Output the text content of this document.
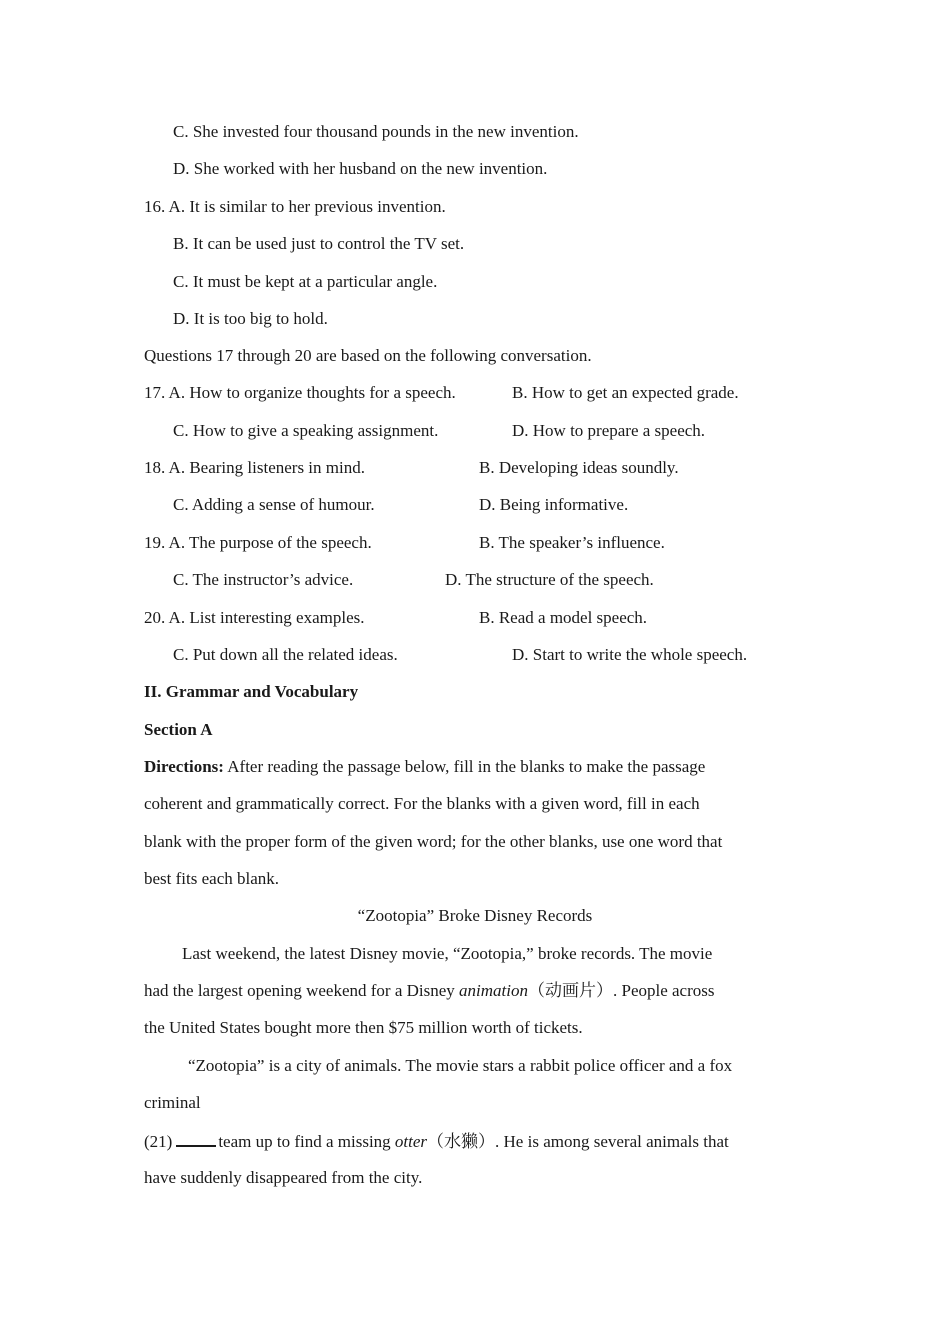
C. She invested four thousand pounds in the new invention.
D. She worked with her husband on the new invention.
16. A. It is similar to her previous invention.
B. It can be used just to control the TV set.
C. It must be kept at a particular angle.
D. It is too big to hold.
Questions 17 through 20 are based on the following conversation.
17. A. How to organize thoughts for a speech.	B. How to get an expected grade.
C. How to give a speaking assignment.	D. How to prepare a speech.
18. A. Bearing listeners in mind.	B. Developing ideas soundly.
C. Adding a sense of humour.	D. Being informative.
19. A. The purpose of the speech.	B. The speaker’s influence.
C. The instructor’s advice.	D. The structure of the speech.
20. A. List interesting examples.	B. Read a model speech.
C. Put down all the related ideas.	D. Start to write the whole speech.
II. Grammar and Vocabulary
Section A
Directions: After reading the passage below, fill in the blanks to make the passage
coherent and grammatically correct. For the blanks with a given word, fill in each
blank with the proper form of the given word; for the other blanks, use one word that
best fits each blank.
“Zootopia” Broke Disney Records
Last weekend, the latest Disney movie, “Zootopia,” broke records. The movie
had the largest opening weekend for a Disney animation（动画片）. People across
the United States bought more then $75 million worth of tickets.
“Zootopia” is a city of animals. The movie stars a rabbit police officer and a fox
criminal
(21)	team up to find a missing otter（水獭）. He is among several animals that
have suddenly disappeared from the city.
